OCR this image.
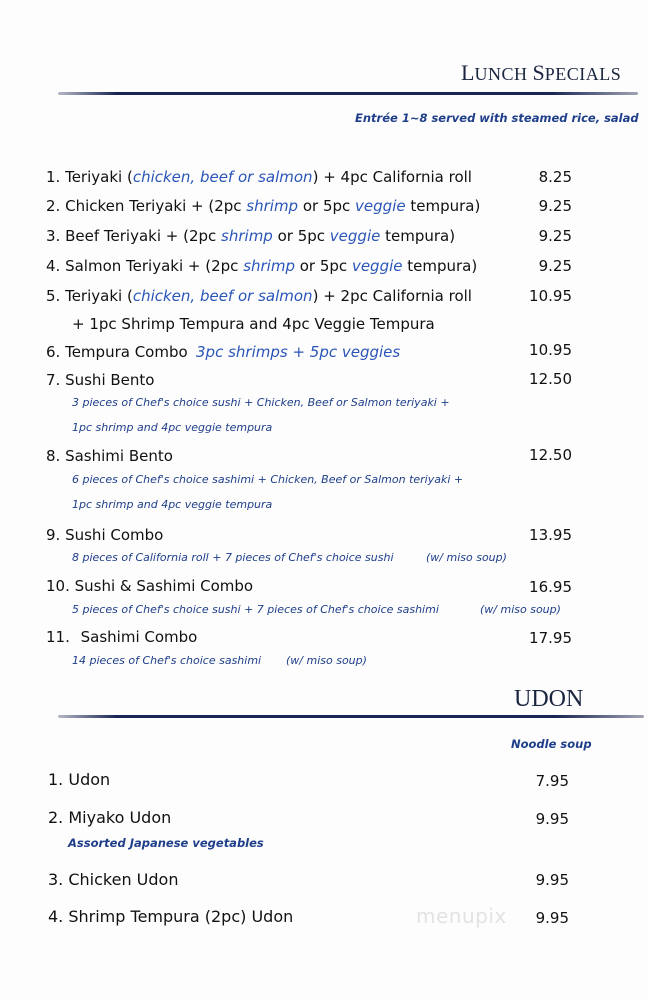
LUNCH SPECIALS
Entrée 1~8 served with steamed rice, salad
1. Teriyaki (chicken, beef or salmon) + 4pc California roll	8.25
2. Chicken Teriyaki + (2pc shrimp or 5pc veggie tempura)	9.25
3. Beef Teriyaki + (2pc shrimp or 5pc veggie tempura)	9.25
4. Salmon Teriyaki + (2pc shrimp or 5pc veggie tempura)	9.25
5. Teriyaki (chicken, beef or salmon) + 2pc California roll	10.95
+ 1pc Shrimp Tempura and 4pc Veggie Tempura
6. Tempura Combo 3pc shrimps + 5pc veggies	10.95
7. Sushi Bento	12.50
3 pieces of Chef's choice sushi + Chicken, Beef or Salmon teriyaki +
1pc shrimp and 4pc veggie tempura
8. Sashimi Bento	12.50
6 pieces of Chef's choice sashimi + Chicken, Beef or Salmon teriyaki +
1pc shrimp and 4pc veggie tempura
9. Sushi Combo	13.95
8 pieces of California roll + 7 pieces of Chef's choice sushi	(w/ miso soup)
10. Sushi & Sashimi Combo	16.95
5 pieces of Chef's choice sushi + 7 pieces of Chef's choice sashimi	(w/ miso soup)
11. Sashimi Combo	17.95
14 pieces of Chef's choice sashimi (w/ miso soup)
UDON
Noodle soup
1. Udon	7.95
2. Miyako Udon	9.95
Assorted Japanese vegetables
3. Chicken Udon	9.95
4. Shrimp Tempura (2pc) Udon	9.95
menupix
